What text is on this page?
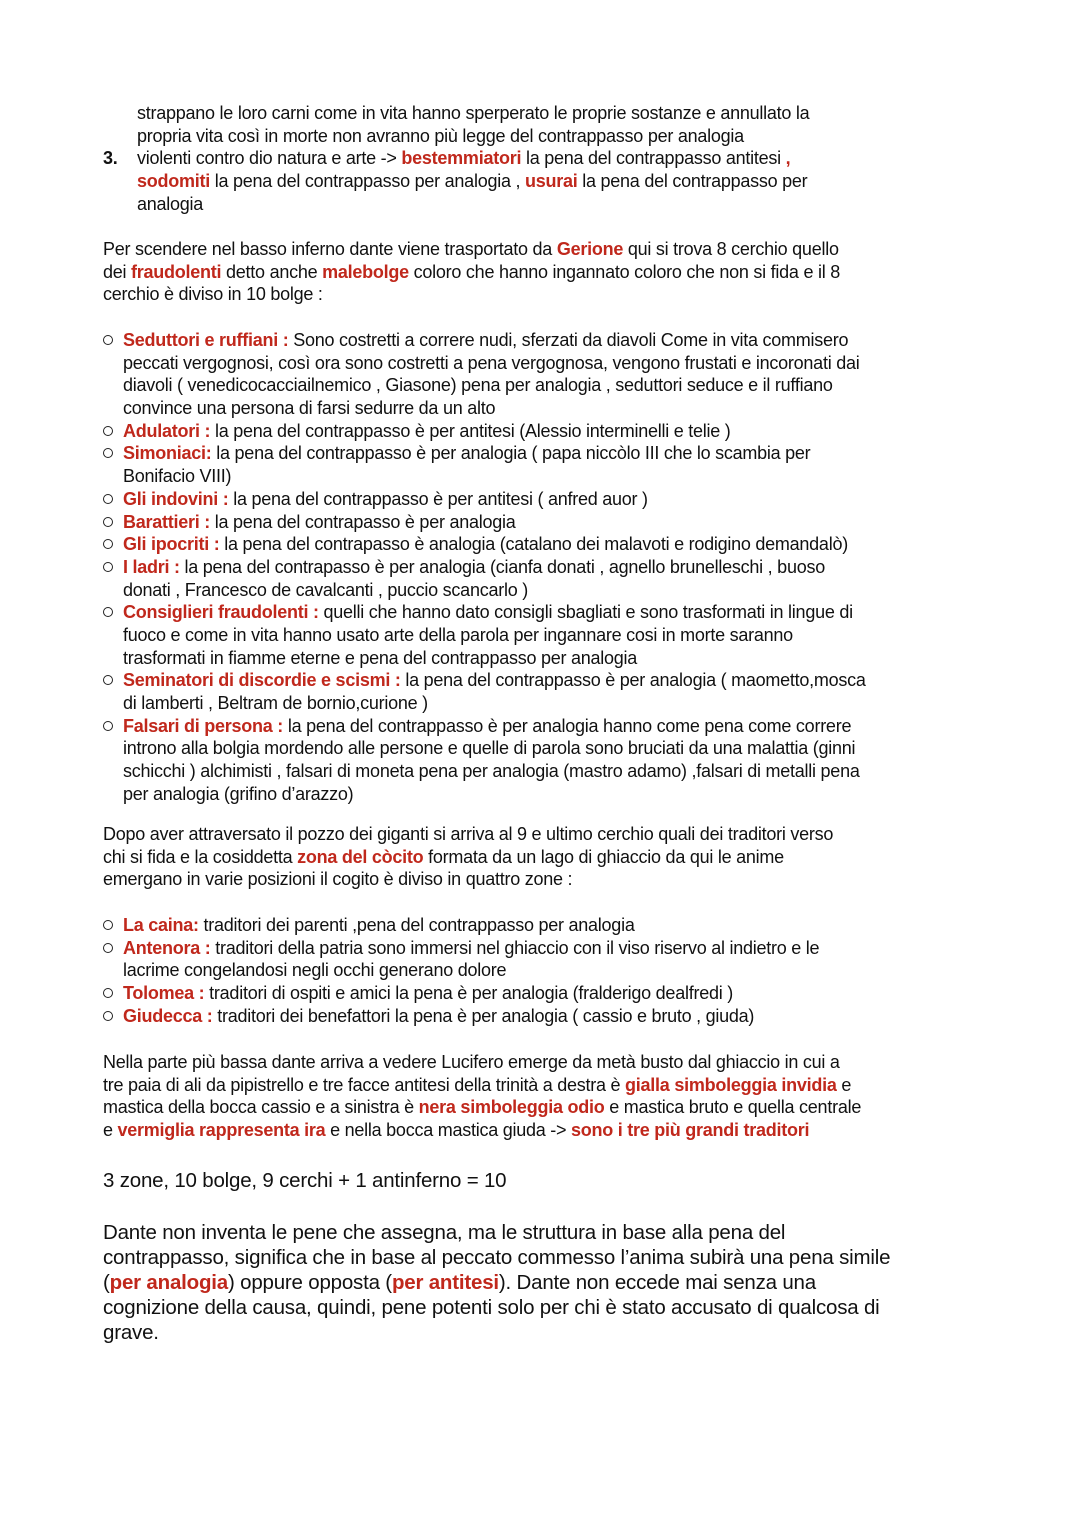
strappano le loro carni come in vita hanno sperperato le proprie sostanze e annullato la
propria vita così in morte non avranno più legge del contrappasso per analogia
3. violenti contro dio natura e arte -> bestemmiatori la pena del contrappasso antitesi ,
sodomiti la pena del contrappasso per analogia , usurai la pena del contrappasso per
analogia
Per scendere nel basso inferno dante viene trasportato da Gerione qui si trova 8 cerchio quello
dei fraudolenti detto anche malebolge coloro che hanno ingannato coloro che non si fida e il 8
cerchio è diviso in 10 bolge :
Seduttori e ruffiani : Sono costretti a correre nudi, sferzati da diavoli Come in vita commisero
peccati vergognosi, così ora sono costretti a pena vergognosa, vengono frustati e incoronati dai
diavoli ( venedicocacciailnemico , Giasone) pena per analogia , seduttori seduce e il ruffiano
convince una persona di farsi sedurre da un alto
Adulatori : la pena del contrappasso è per antitesi (Alessio interminelli e telie )
Simoniaci: la pena del contrappasso è per analogia ( papa niccòlo III che lo scambia per
Bonifacio VIII)
Gli indovini : la pena del contrappasso è per antitesi ( anfred auor )
Barattieri : la pena del contrapasso è per analogia
Gli ipocriti : la pena del contrapasso è analogia (catalano dei malavoti e rodigino demandalò)
I ladri : la pena del contrapasso è per analogia (cianfa donati , agnello brunelleschi , buoso
donati , Francesco de cavalcanti , puccio scancarlo )
Consiglieri fraudolenti : quelli che hanno dato consigli sbagliati e sono trasformati in lingue di
fuoco e come in vita hanno usato arte della parola per ingannare cosi in morte saranno
trasformati in fiamme eterne e pena del contrappasso per analogia
Seminatori di discordie e scismi : la pena del contrappasso è per analogia ( maometto,mosca
di lamberti , Beltram de bornio,curione )
Falsari di persona : la pena del contrappasso è per analogia hanno come pena come correre
introno alla bolgia mordendo alle persone e quelle di parola sono bruciati da una malattia (ginni
schicchi ) alchimisti , falsari di moneta pena per analogia (mastro adamo) ,falsari di metalli pena
per analogia (grifino d’arazzo)
Dopo aver attraversato il pozzo dei giganti si arriva al 9 e ultimo cerchio quali dei traditori verso
chi si fida e la cosiddetta zona del còcito formata da un lago di ghiaccio da qui le anime
emergano in varie posizioni il cogito è diviso in quattro zone :
La caina: traditori dei parenti ,pena del contrappasso per analogia
Antenora : traditori della patria sono immersi nel ghiaccio con il viso riservo al indietro e le
lacrime congelandosi negli occhi generano dolore
Tolomea : traditori di ospiti e amici la pena è per analogia (fralderigo dealfredi )
Giudecca : traditori dei benefattori la pena è per analogia ( cassio e bruto , giuda)
Nella parte più bassa dante arriva a vedere Lucifero emerge da metà busto dal ghiaccio in cui a
tre paia di ali da pipistrello e tre facce antitesi della trinità a destra è gialla simboleggia invidia e
mastica della bocca cassio e a sinistra è nera simboleggia odio e mastica bruto e quella centrale
e vermiglia rappresenta ira e nella bocca mastica giuda -> sono i tre più grandi traditori
3 zone, 10 bolge, 9 cerchi + 1 antinferno = 10
Dante non inventa le pene che assegna, ma le struttura in base alla pena del
contrappasso, significa che in base al peccato commesso l’anima subirà una pena simile
(per analogia) oppure opposta (per antitesi). Dante non eccede mai senza una
cognizione della causa, quindi, pene potenti solo per chi è stato accusato di qualcosa di
grave.
